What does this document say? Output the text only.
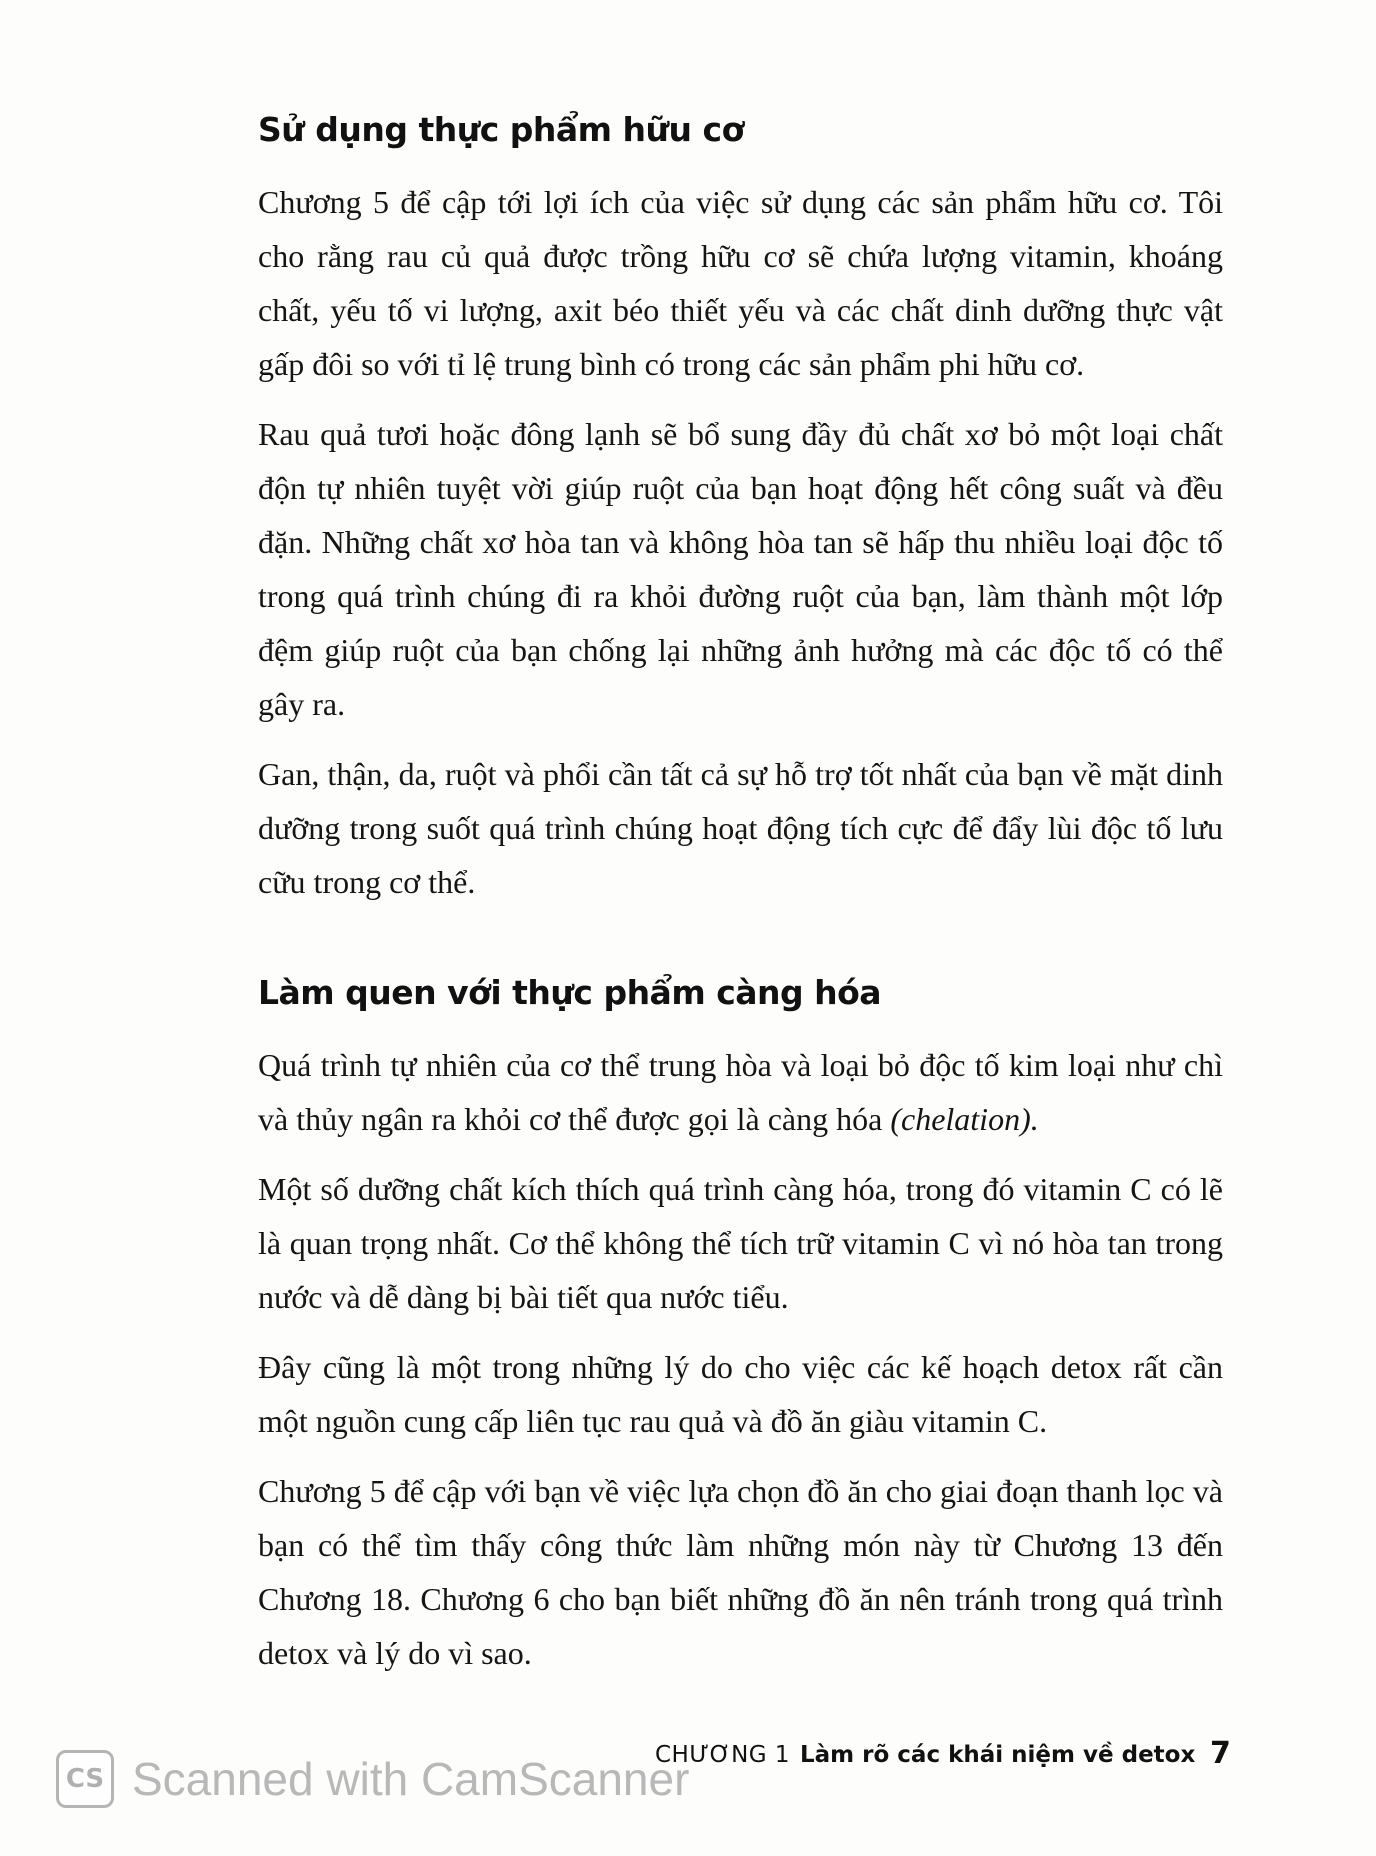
Sử dụng thực phẩm hữu cơ

Chương 5 để cập tới lợi ích của việc sử dụng các sản phẩm hữu cơ. Tôi cho rằng rau củ quả được trồng hữu cơ sẽ chứa lượng vitamin, khoáng chất, yếu tố vi lượng, axit béo thiết yếu và các chất dinh dưỡng thực vật gấp đôi so với tỉ lệ trung bình có trong các sản phẩm phi hữu cơ.

Rau quả tươi hoặc đông lạnh sẽ bổ sung đầy đủ chất xơ bỏ một loại chất độn tự nhiên tuyệt vời giúp ruột của bạn hoạt động hết công suất và đều đặn. Những chất xơ hòa tan và không hòa tan sẽ hấp thu nhiều loại độc tố trong quá trình chúng đi ra khỏi đường ruột của bạn, làm thành một lớp đệm giúp ruột của bạn chống lại những ảnh hưởng mà các độc tố có thể gây ra.

Gan, thận, da, ruột và phổi cần tất cả sự hỗ trợ tốt nhất của bạn về mặt dinh dưỡng trong suốt quá trình chúng hoạt động tích cực để đẩy lùi độc tố lưu cữu trong cơ thể.

Làm quen với thực phẩm càng hóa

Quá trình tự nhiên của cơ thể trung hòa và loại bỏ độc tố kim loại như chì và thủy ngân ra khỏi cơ thể được gọi là càng hóa (chelation).

Một số dưỡng chất kích thích quá trình càng hóa, trong đó vitamin C có lẽ là quan trọng nhất. Cơ thể không thể tích trữ vitamin C vì nó hòa tan trong nước và dễ dàng bị bài tiết qua nước tiểu.

Đây cũng là một trong những lý do cho việc các kế hoạch detox rất cần một nguồn cung cấp liên tục rau quả và đồ ăn giàu vitamin C.

Chương 5 để cập với bạn về việc lựa chọn đồ ăn cho giai đoạn thanh lọc và bạn có thể tìm thấy công thức làm những món này từ Chương 13 đến Chương 18. Chương 6 cho bạn biết những đồ ăn nên tránh trong quá trình detox và lý do vì sao.

CHƯƠNG 1 Làm rõ các khái niệm về detox 7
CS Scanned with CamScanner
